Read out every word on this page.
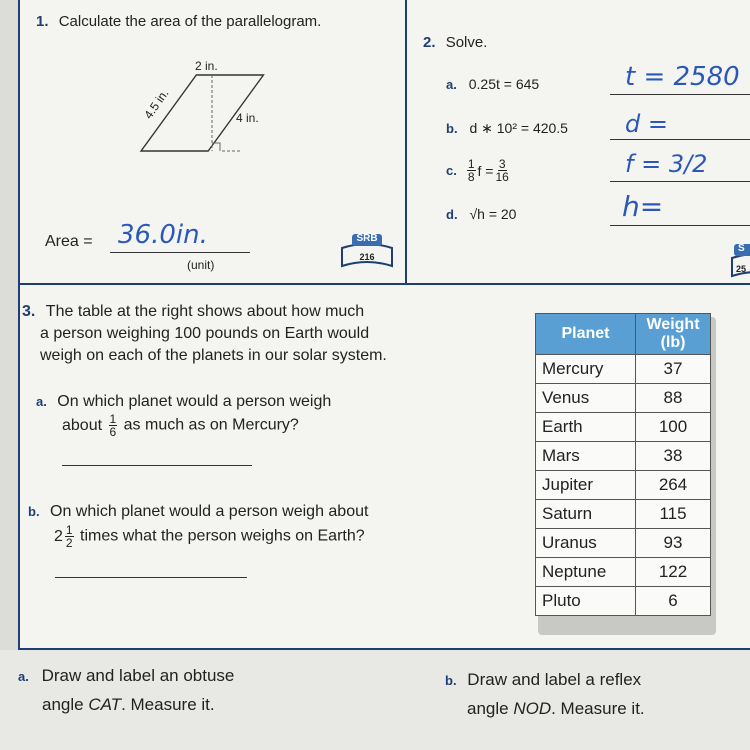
1. Calculate the area of the parallelogram.
2 in.
4.5 in.	4 in.
Area = 36.0in.
(unit)
SRB
216
2. Solve.
a. 0.25t = 645	t = 2580
b. d ∗ 10² = 420.5 d =
c. $\frac{1}{8}$ $f = \frac{3}{16}$	f = 3/2
d. √h = 20	h=
S
25
3. The table at the right shows about how much
a person weighing 100 pounds on Earth would
weigh on each of the planets in our solar system.
a. On which planet would a person weigh
about $\frac{1}{6}$ as much as on Mercury?
b. On which planet would a person weigh about
$2 \frac{1}{2}$ times what the person weighs on Earth?
Planet	Weight (lb)
Mercury	37
Venus	88
Earth	100
Mars	38
Jupiter	264
Saturn	115
Uranus	93
Neptune	122
Pluto	6
a. Draw and label an obtuse
angle CAT. Measure it.
b. Draw and label a reflex
angle NOD. Measure it.
